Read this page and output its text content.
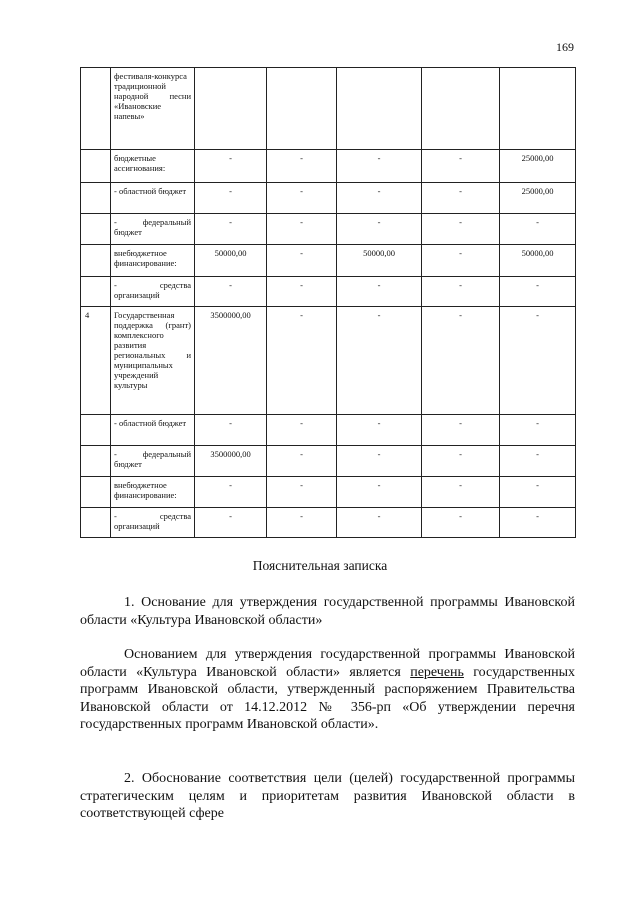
169
	фестиваля-конкурса традиционной народной песни «Ивановские напевы»					
	бюджетные ассигнования:	-	-	-	-	25000,00
	- областной бюджет	-	-	-	-	25000,00
	- федеральный бюджет	-	-	-	-	-
	внебюджетное финансирование:	50000,00	-	50000,00	-	50000,00
	- средства организаций	-	-	-	-	-
4	Государственная поддержка (грант) комплексного развития региональных и муниципальных учреждений культуры	3500000,00	-	-	-	-
	- областной бюджет	-	-	-	-	-
	- федеральный бюджет	3500000,00	-	-	-	-
	внебюджетное финансирование:	-	-	-	-	-
	- средства организаций	-	-	-	-	-
Пояснительная записка

1. Основание для утверждения государственной программы Ивановской области «Культура Ивановской области»

Основанием для утверждения государственной программы Ивановской области «Культура Ивановской области» является перечень государственных программ Ивановской области, утвержденный распоряжением Правительства Ивановской области от 14.12.2012 № 356-рп «Об утверждении перечня государственных программ Ивановской области».

2. Обоснование соответствия цели (целей) государственной программы стратегическим целям и приоритетам развития Ивановской области в соответствующей сфере
